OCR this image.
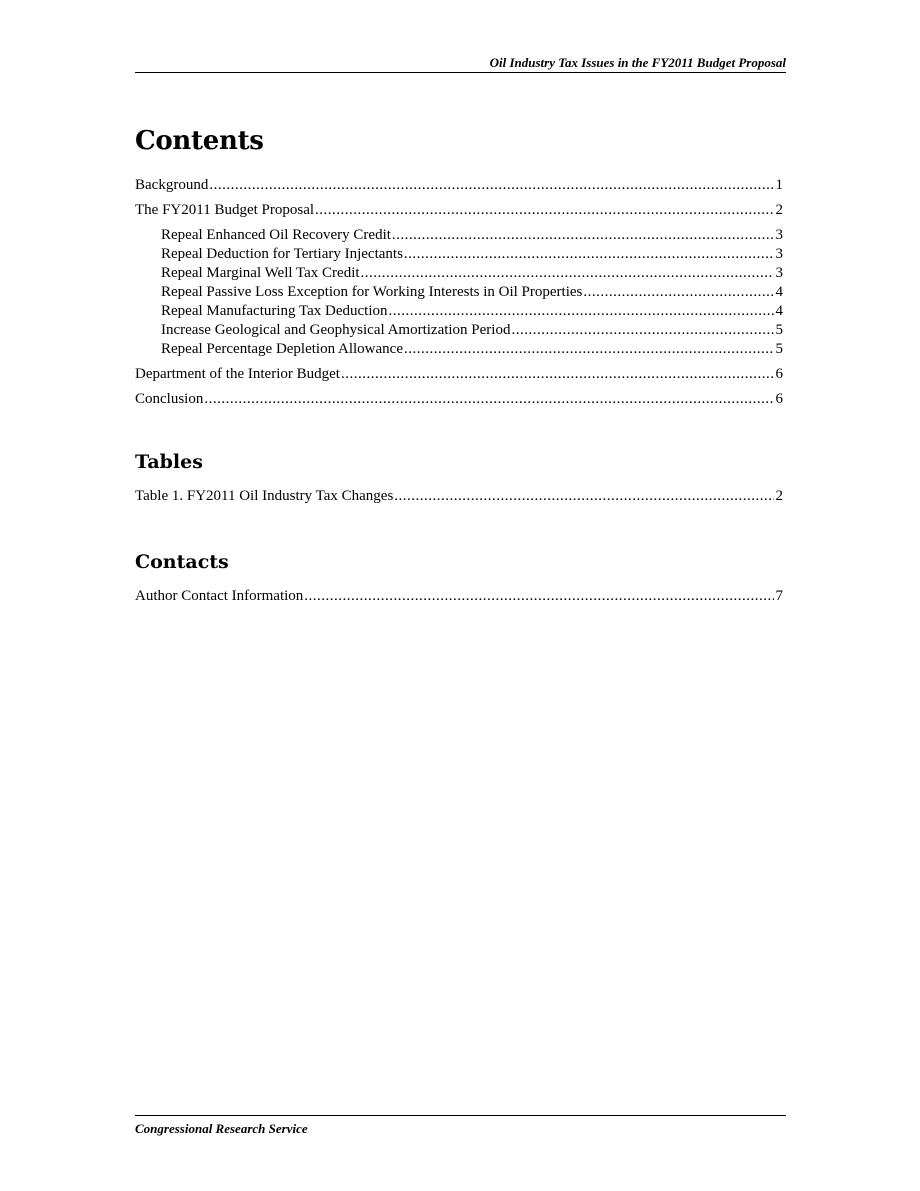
Oil Industry Tax Issues in the FY2011 Budget Proposal
Contents
Background .....	1
The FY2011 Budget Proposal .....	2
Repeal Enhanced Oil Recovery Credit .....	3
Repeal Deduction for Tertiary Injectants .....	3
Repeal Marginal Well Tax Credit .....	3
Repeal Passive Loss Exception for Working Interests in Oil Properties .....	4
Repeal Manufacturing Tax Deduction .....	4
Increase Geological and Geophysical Amortization Period .....	5
Repeal Percentage Depletion Allowance .....	5
Department of the Interior Budget .....	6
Conclusion .....	6
Tables
Table 1. FY2011 Oil Industry Tax Changes .....	2
Contacts
Author Contact Information .....	7
Congressional Research Service
